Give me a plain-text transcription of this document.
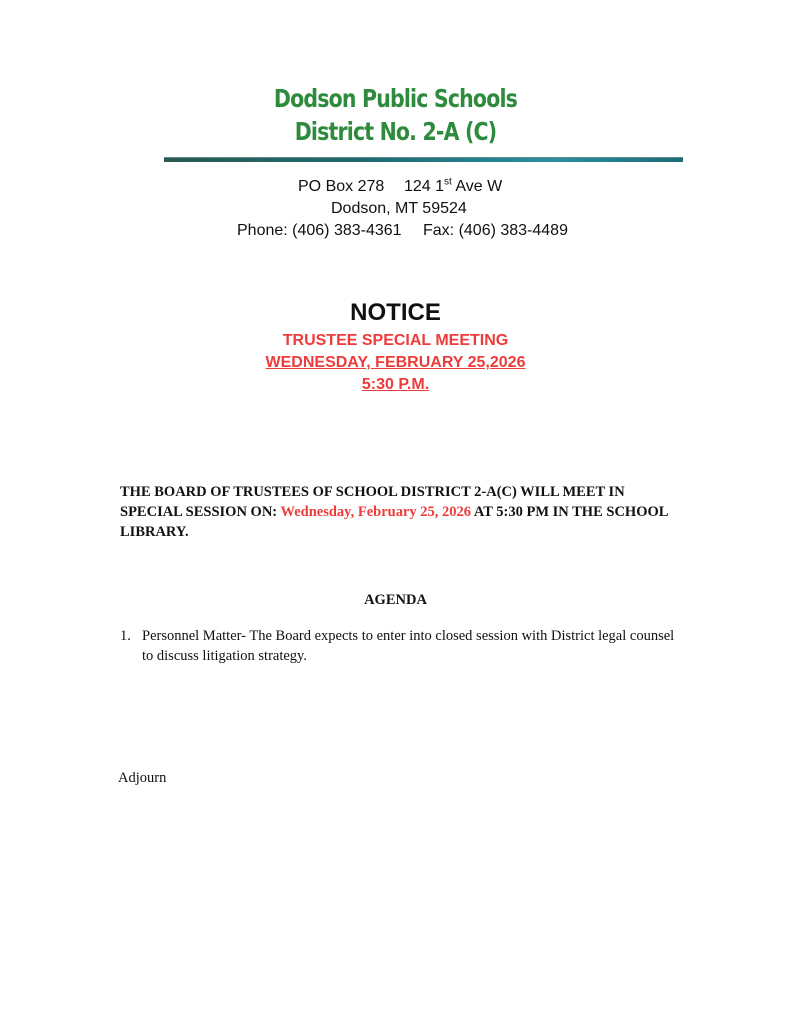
Dodson Public Schools
District No. 2-A (C)
PO Box 278 124 1st Ave W
Dodson, MT 59524
Phone: (406) 383-4361 Fax: (406) 383-4489
NOTICE
TRUSTEE SPECIAL MEETING
WEDNESDAY, FEBRUARY 25,2026
5:30 P.M.
THE BOARD OF TRUSTEES OF SCHOOL DISTRICT 2-A(C) WILL MEET IN SPECIAL SESSION ON: Wednesday, February 25, 2026 AT 5:30 PM IN THE SCHOOL LIBRARY.
AGENDA
1. Personnel Matter- The Board expects to enter into closed session with District legal counsel to discuss litigation strategy.
Adjourn
